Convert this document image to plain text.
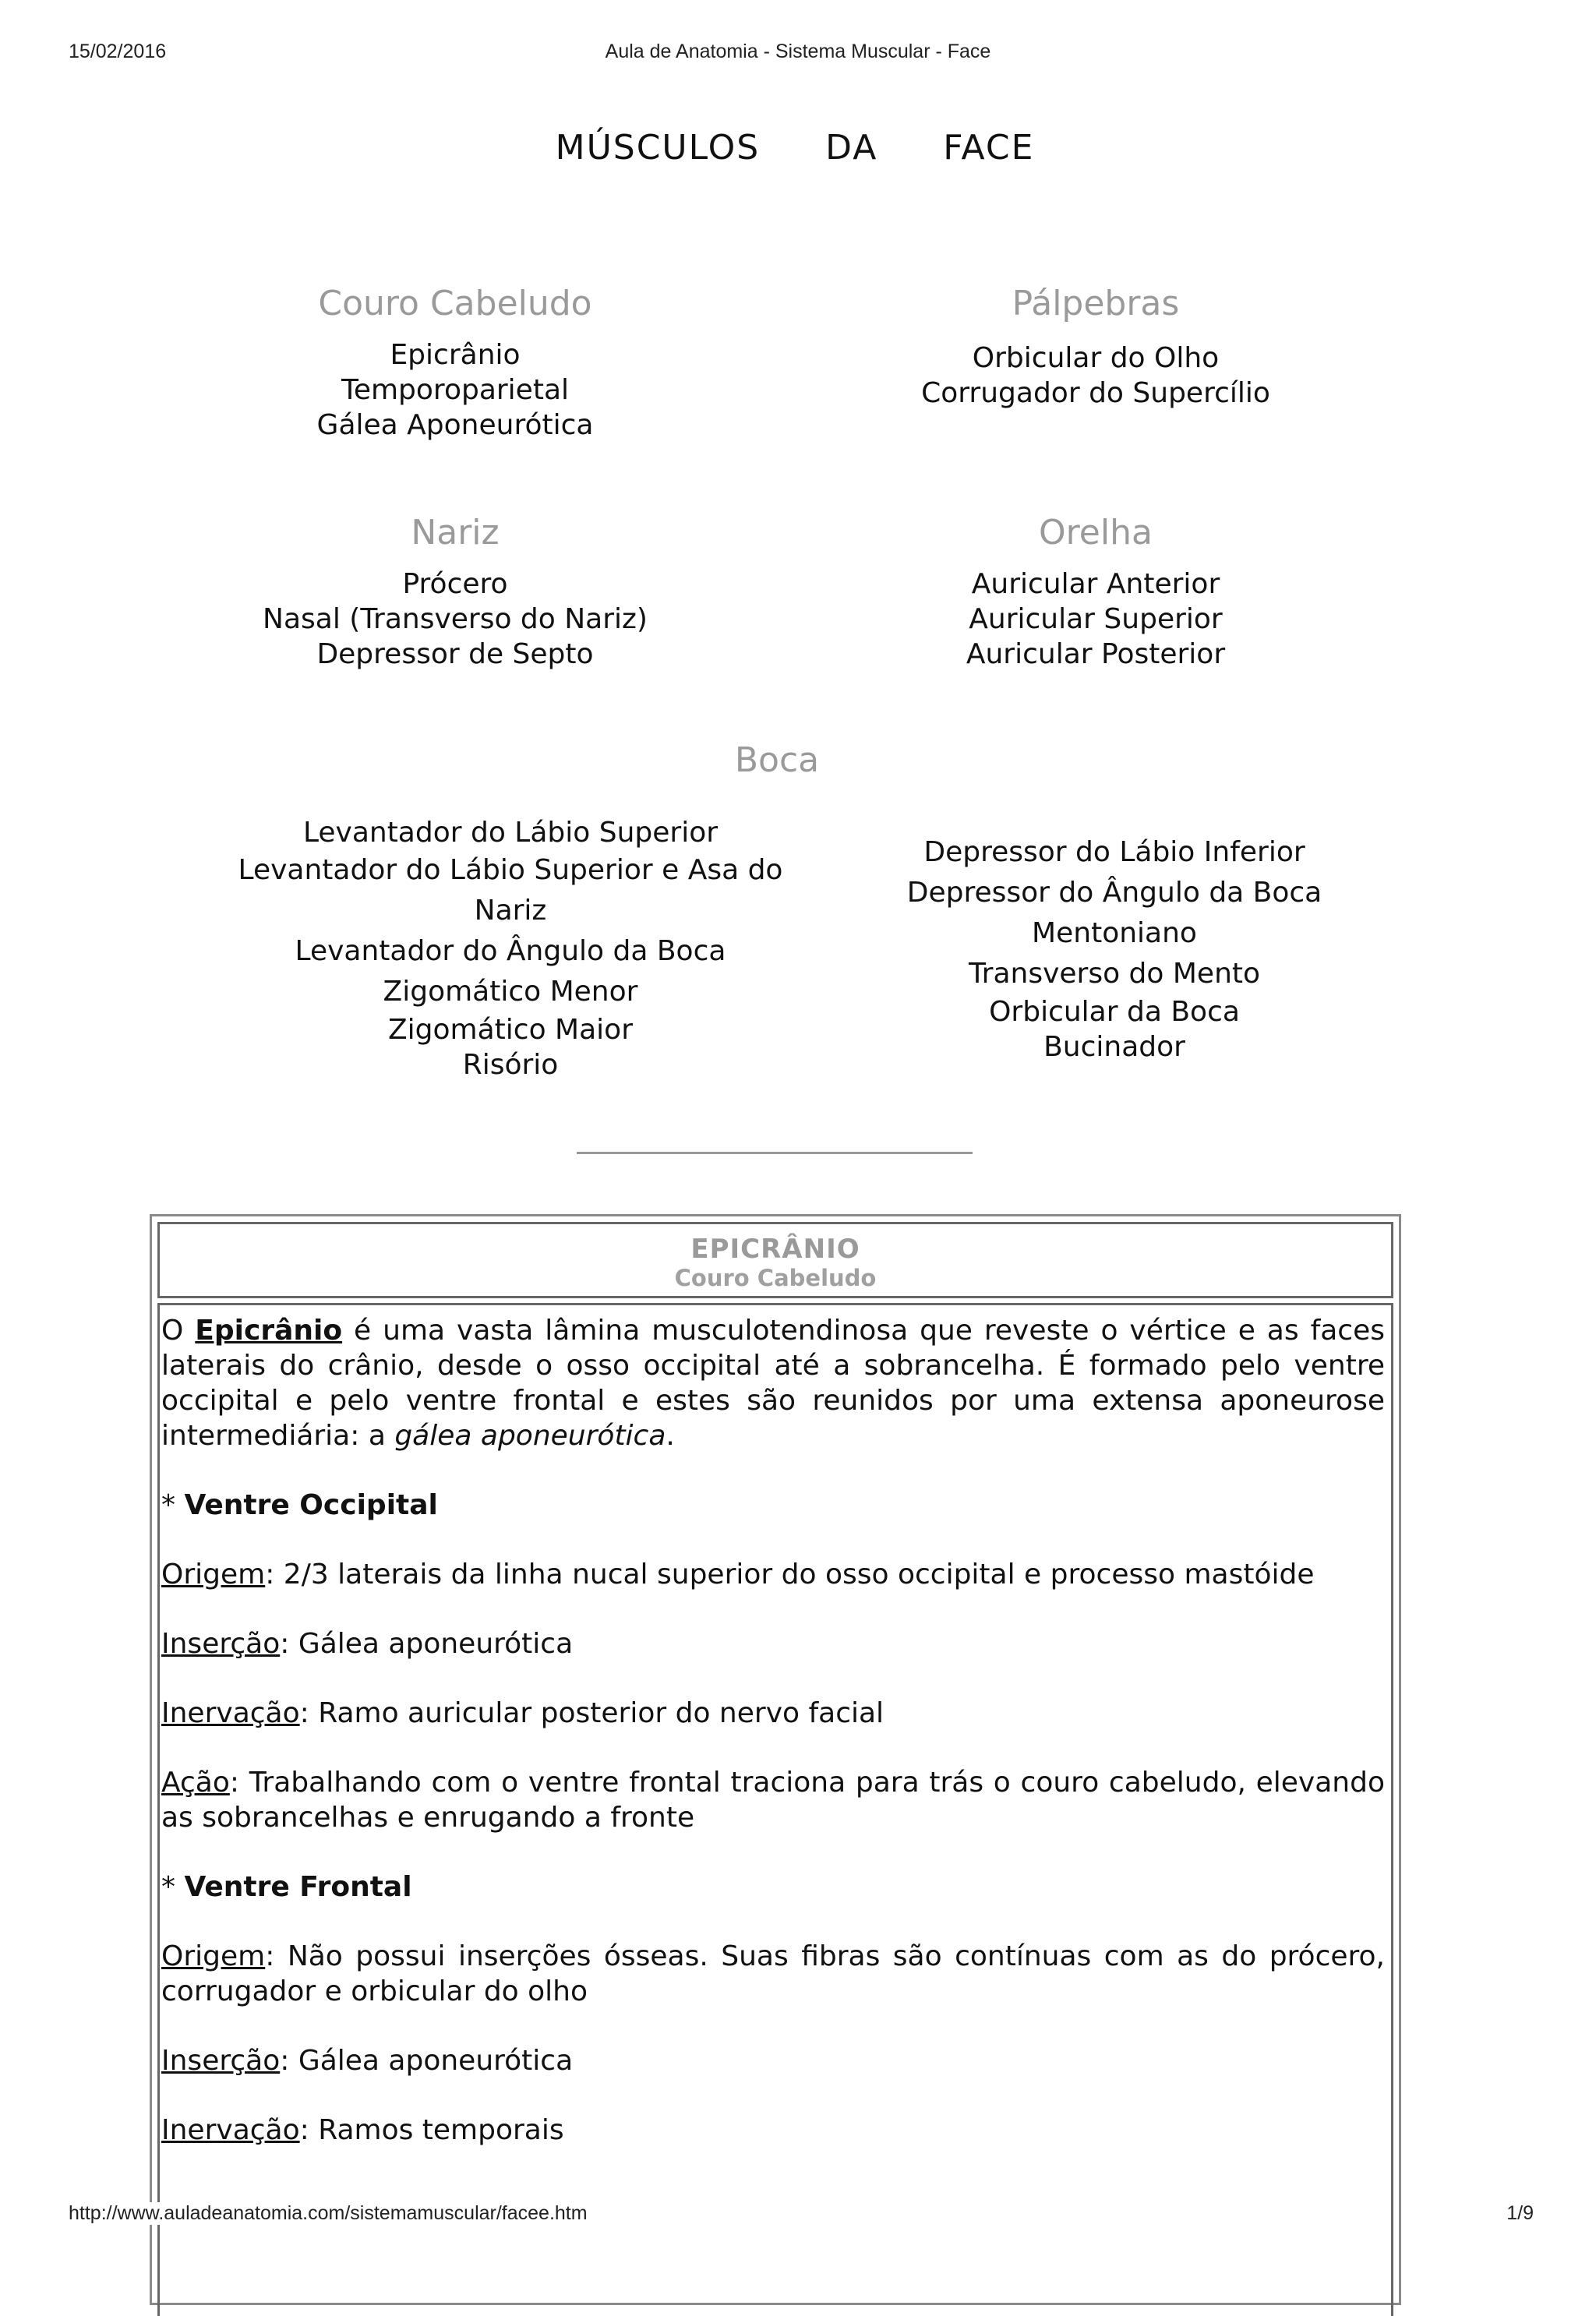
15/02/2016	Aula de Anatomia - Sistema Muscular - Face
MÚSCULOS   DA   FACE
Couro Cabeludo
Epicrânio
Temporoparietal
Gálea Aponeurótica
Pálpebras
Orbicular do Olho
Corrugador do Supercílio
Nariz
Prócero
Nasal (Transverso do Nariz)
Depressor de Septo
Orelha
Auricular Anterior
Auricular Superior
Auricular Posterior
Boca
Levantador do Lábio Superior
Levantador do Lábio Superior e Asa do
Nariz
Levantador do Ângulo da Boca
Zigomático Menor
Zigomático Maior
Risório
Depressor do Lábio Inferior
Depressor do Ângulo da Boca
Mentoniano
Transverso do Mento
Orbicular da Boca
Bucinador
EPICRÂNIO
Couro Cabeludo
O Epicrânio é uma vasta lâmina musculotendinosa que reveste o vértice e as faces laterais do crânio, desde o osso occipital até a sobrancelha. É formado pelo ventre occipital e pelo ventre frontal e estes são reunidos por uma extensa aponeurose intermediária: a gálea aponeurótica.
* Ventre Occipital
Origem: 2/3 laterais da linha nucal superior do osso occipital e processo mastóide
Inserção: Gálea aponeurótica
Inervação: Ramo auricular posterior do nervo facial
Ação: Trabalhando com o ventre frontal traciona para trás o couro cabeludo, elevando as sobrancelhas e enrugando a fronte
* Ventre Frontal
Origem: Não possui inserções ósseas. Suas fibras são contínuas com as do prócero, corrugador e orbicular do olho
Inserção: Gálea aponeurótica
Inervação: Ramos temporais
http://www.auladeanatomia.com/sistemamuscular/facee.htm	1/9
